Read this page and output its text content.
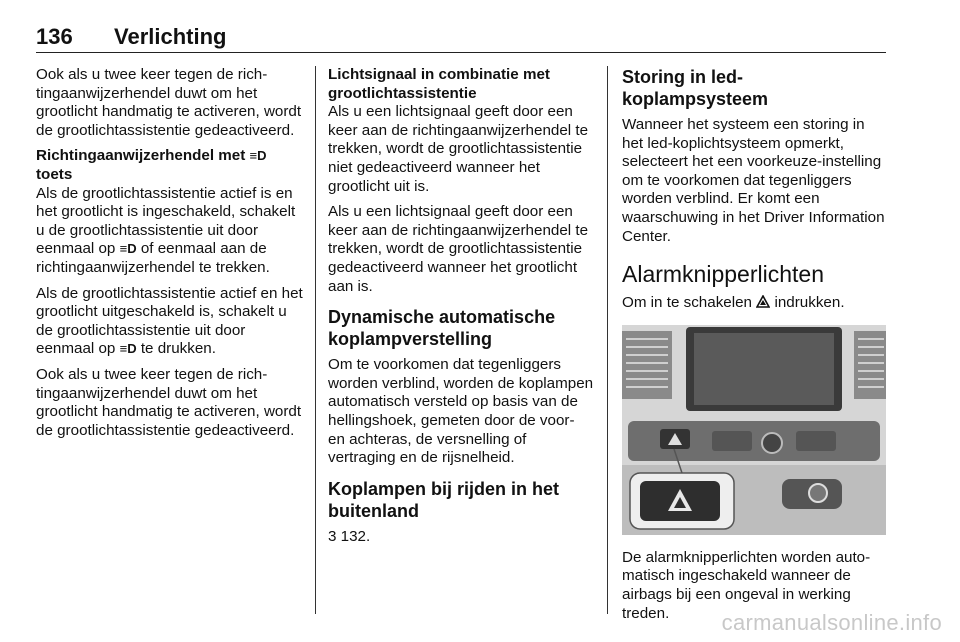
136 Verlichting

Ook als u twee keer tegen de richtingaanwijzerhendel duwt om het grootlicht handmatig te activeren, wordt de grootlichtassistentie gedeactiveerd.

Richtingaanwijzerhendel met ≡D
toets

Als de grootlichtassistentie actief is en het grootlicht is ingeschakeld, schakelt u de grootlichtassistentie uit door eenmaal op ≡D of eenmaal aan de richtingaanwijzerhendel te trekken.

Als de grootlichtassistentie actief en het grootlicht uitgeschakeld is, schakelt u de grootlichtassistentie uit door eenmaal op ≡D te drukken.

Ook als u twee keer tegen de richtingaanwijzerhendel duwt om het grootlicht handmatig te activeren, wordt de grootlichtassistentie gedeactiveerd.

Lichtsignaal in combinatie met grootlichtassistentie

Als u een lichtsignaal geeft door een keer aan de richtingaanwijzerhendel te trekken, wordt de grootlichtassistentie niet gedeactiveerd wanneer het grootlicht uit is.

Als u een lichtsignaal geeft door een keer aan de richtingaanwijzerhendel te trekken, wordt de grootlichtassistentie gedeactiveerd wanneer het grootlicht aan is.

Dynamische automatische koplampverstelling

Om te voorkomen dat tegenliggers worden verblind, worden de koplampen automatisch versteld op basis van de hellingshoek, gemeten door de voor- en achteras, de versnelling of vertraging en de rijsnelheid.

Koplampen bij rijden in het buitenland

3 132.

Storing in led-koplampsysteem

Wanneer het systeem een storing in het led-koplichtsysteem opmerkt, selecteert het een voorkeuze-instelling om te voorkomen dat tegenliggers worden verblind. Er komt een waarschuwing in het Driver Information Center.

Alarmknipperlichten

Om in te schakelen indrukken.

De alarmknipperlichten worden automatisch ingeschakeld wanneer de airbags bij een ongeval in werking treden.	carmanualsonline.info
